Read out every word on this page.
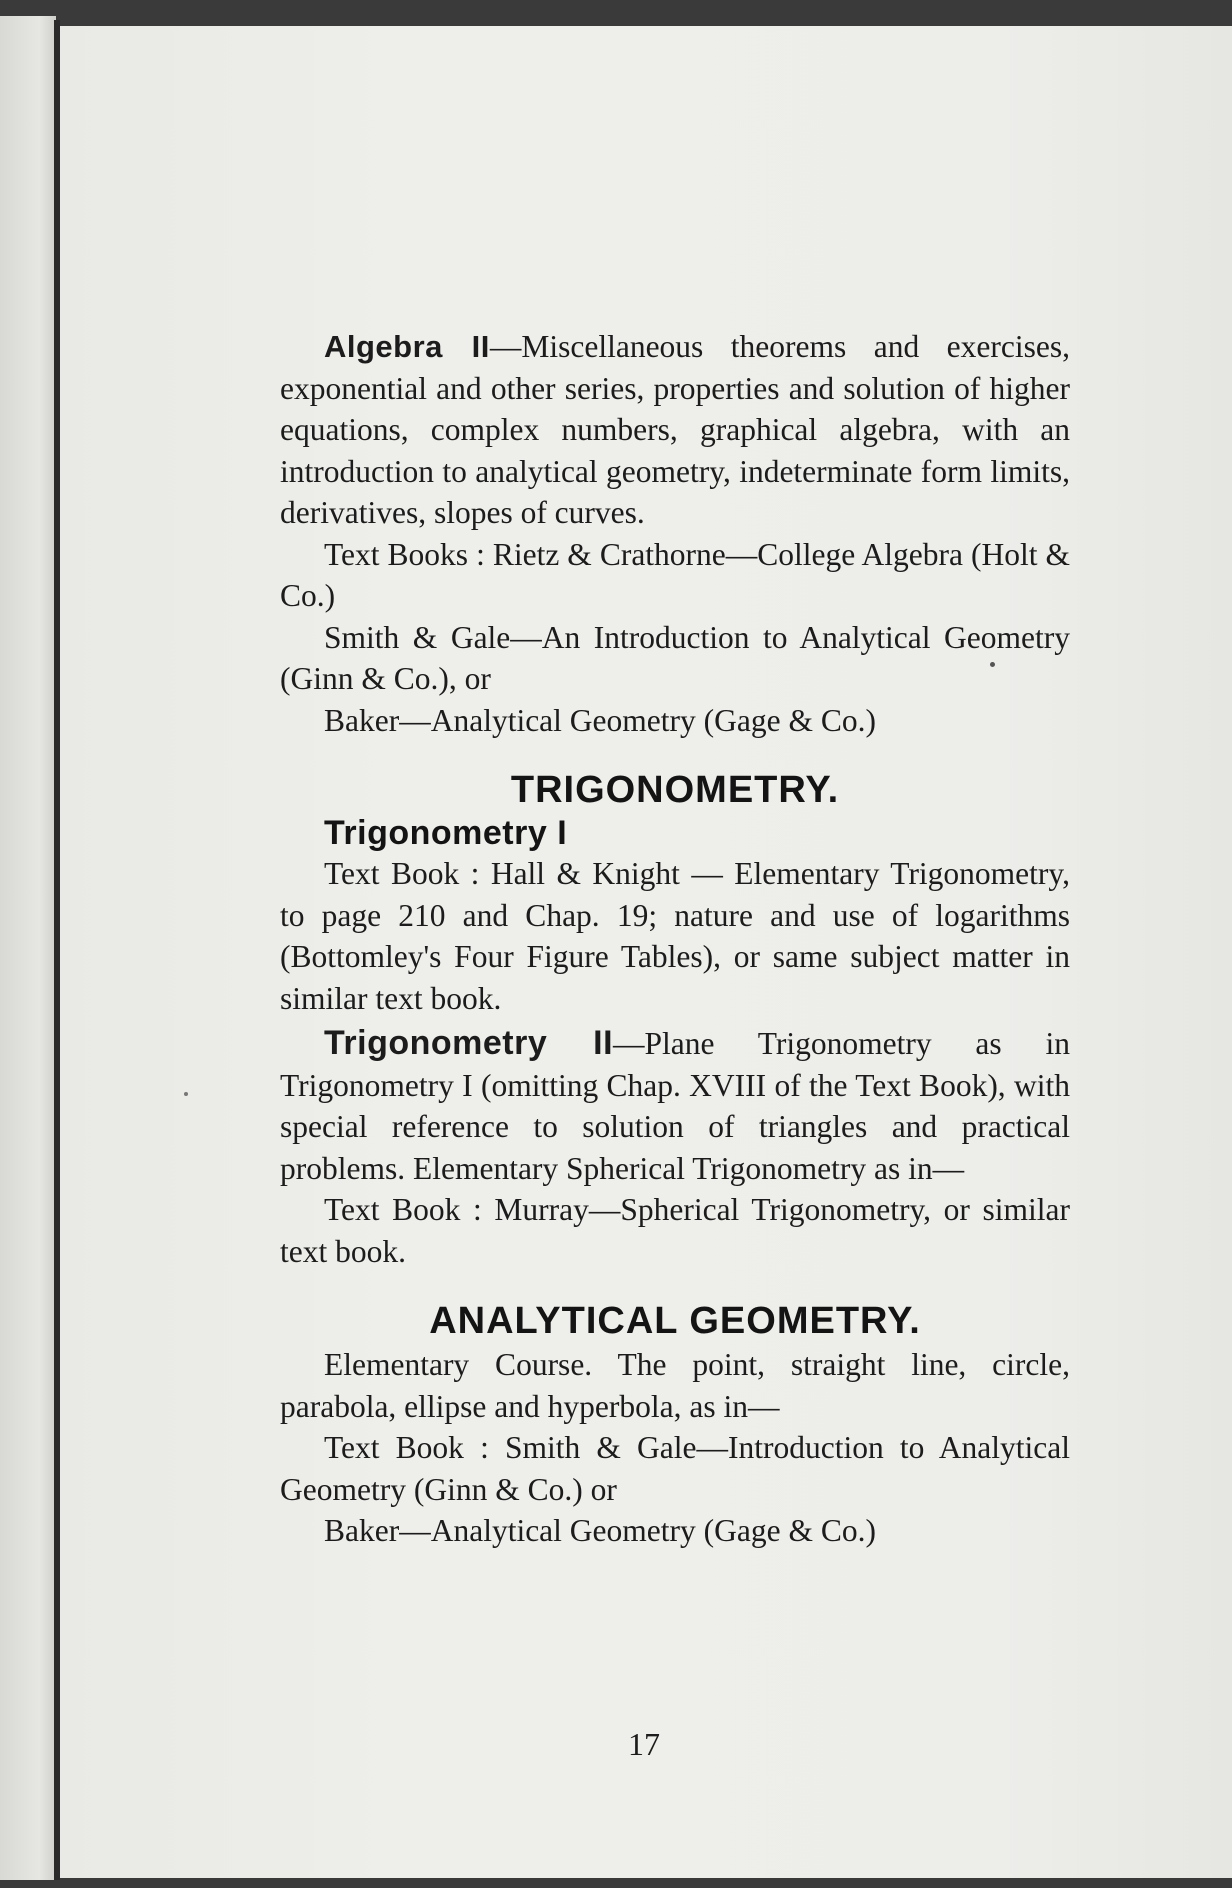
Algebra II—Miscellaneous theorems and exercises, exponential and other series, properties and solution of higher equations, complex numbers, graphical algebra, with an introduction to analytical geometry, indeterminate form limits, derivatives, slopes of curves.

Text Books : Rietz & Crathorne—College Algebra (Holt & Co.)

Smith & Gale—An Introduction to Analytical Geometry (Ginn & Co.), or

Baker—Analytical Geometry (Gage & Co.)

TRIGONOMETRY.

Trigonometry I

Text Book : Hall & Knight — Elementary Trigonometry, to page 210 and Chap. 19; nature and use of logarithms (Bottomley's Four Figure Tables), or same subject matter in similar text book.

Trigonometry II—Plane Trigonometry as in Trigonometry I (omitting Chap. XVIII of the Text Book), with special reference to solution of triangles and practical problems. Elementary Spherical Trigonometry as in—

Text Book : Murray—Spherical Trigonometry, or similar text book.

ANALYTICAL GEOMETRY.

Elementary Course. The point, straight line, circle, parabola, ellipse and hyperbola, as in—

Text Book : Smith & Gale—Introduction to Analytical Geometry (Ginn & Co.) or

Baker—Analytical Geometry (Gage & Co.)

17
